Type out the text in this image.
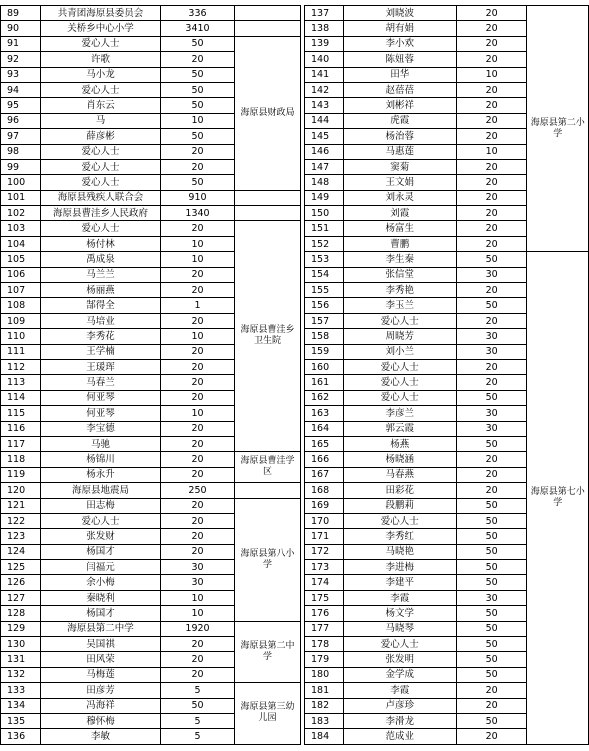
89	共青团海原县委员会	336	
90	关桥乡中心小学	3410	
91	爱心人士	50	海原县财政局
92	许歌	20	
93	马小龙	50	
94	爱心人士	50	
95	肖东云	50	
96	马	10	
97	薛彦彬	50	
98	爱心人士	20	
99	爱心人士	20	
100	爱心人士	50	
101	海原县残疾人联合会	910	
102	海原县曹洼乡人民政府	1340	
103	爱心人士	20	海原县曹洼乡卫生院
104	杨付林	10	
105	禹成泉	10	
106	马兰兰	20	
107	杨丽燕	20	
108	郜得全	1	
109	马培业	20	
110	李秀花	10	
111	王学楠	20	
112	王瑗珲	20	
113	马春兰	20	
114	何亚琴	20	
115	何亚琴	10	
116	李宝德	20	
117	马驰	20	
118	杨锦川	20	海原县曹洼学区
119	杨永升	20	
120	海原县地震局	250	
121	田志梅	20	海原县第八小学
122	爱心人士	20	
123	张发财	20	
124	杨国才	20	
125	闫福元	30	
126	余小梅	30	
127	秦晓利	10	
128	杨国才	10	
129	海原县第二中学	1920	海原县第二中学
130	吴国祺	20	
131	田风荣	20	
132	马梅莲	20	
133	田彦芳	5	海原县第三幼儿园
134	冯海祥	50	
135	穆怀梅	5	
136	李敏	5	
137	刘晓波	20	海原县第二小学
138	胡有娟	20	
139	李小欢	20	
140	陈妞蓉	20	
141	田华	10	
142	赵蓓蓓	20	
143	刘彬祥	20	
144	虎霞	20	
145	杨治蓉	20	
146	马惠莲	10	
147	窦菊	20	
148	王文娟	20	
149	刘永灵	20	
150	刘霞	20	
151	杨富生	20	
152	曹鹏	20	
153	李生秦	50	海原县第七小学
154	张信堂	30	
155	李秀艳	20	
156	李玉兰	50	
157	爱心人士	20	
158	周晓芳	30	
159	刘小兰	30	
160	爱心人士	20	
161	爱心人士	20	
162	爱心人士	50	
163	李彦兰	30	
164	郭云霞	30	
165	杨燕	50	
166	杨晓涵	20	
167	马春燕	20	
168	田彩花	20	
169	段鹏莉	50	
170	爱心人士	50	
171	李秀红	50	
172	马晓艳	50	
173	李进梅	50	
174	李建平	50	
175	李霞	30	
176	杨文学	50	
177	马晓琴	50	
178	爱心人士	50	
179	张发明	50	
180	金学成	50	
181	李霞	20	
182	卢彦珍	20	
183	李滑龙	50	
184	范成业	20	
